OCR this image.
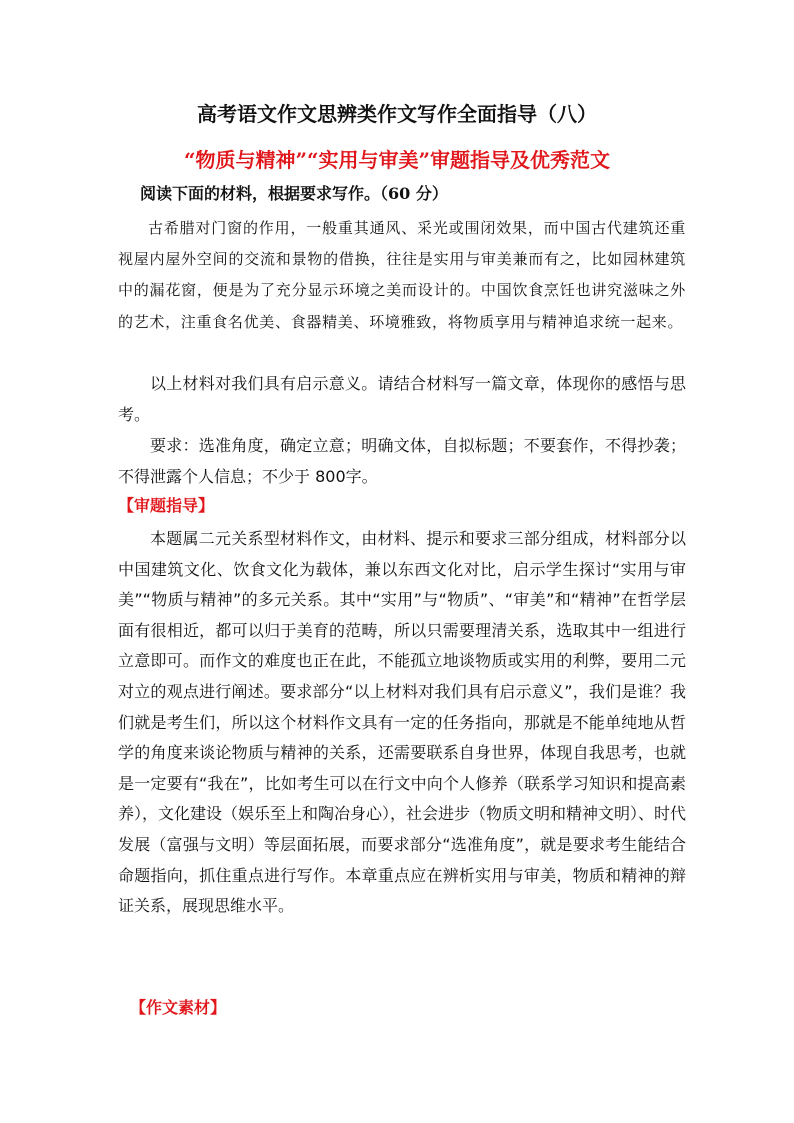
高考语文作文思辨类作文写作全面指导（八）
“物质与精神”“实用与审美”审题指导及优秀范文
阅读下面的材料，根据要求写作。（60 分）
古希腊对门窗的作用，一般重其通风、采光或围闭效果，而中国古代建筑还重视屋内屋外空间的交流和景物的借换，往往是实用与审美兼而有之，比如园林建筑中的漏花窗，便是为了充分显示环境之美而设计的。中国饮食烹饪也讲究滋味之外的艺术，注重食名优美、食器精美、环境雅致，将物质享用与精神追求统一起来。
以上材料对我们具有启示意义。请结合材料写一篇文章，体现你的感悟与思考。
要求：选准角度，确定立意；明确文体，自拟标题；不要套作，不得抄袭；不得泄露个人信息；不少于 800字。
【审题指导】
本题属二元关系型材料作文，由材料、提示和要求三部分组成，材料部分以中国建筑文化、饮食文化为载体，兼以东西文化对比，启示学生探讨“实用与审美”“物质与精神”的多元关系。其中“实用”与“物质”、“审美”和“精神”在哲学层面有很相近，都可以归于美育的范畴，所以只需要理清关系，选取其中一组进行立意即可。而作文的难度也正在此，不能孤立地谈物质或实用的利弊，要用二元对立的观点进行阐述。要求部分“以上材料对我们具有启示意义”，我们是谁？我们就是考生们，所以这个材料作文具有一定的任务指向，那就是不能单纯地从哲学的角度来谈论物质与精神的关系，还需要联系自身世界，体现自我思考，也就是一定要有“我在”，比如考生可以在行文中向个人修养（联系学习知识和提高素养），文化建设（娱乐至上和陶冶身心），社会进步（物质文明和精神文明）、时代发展（富强与文明）等层面拓展，而要求部分“选准角度”，就是要求考生能结合命题指向，抓住重点进行写作。本章重点应在辨析实用与审美，物质和精神的辩证关系，展现思维水平。
【作文素材】
